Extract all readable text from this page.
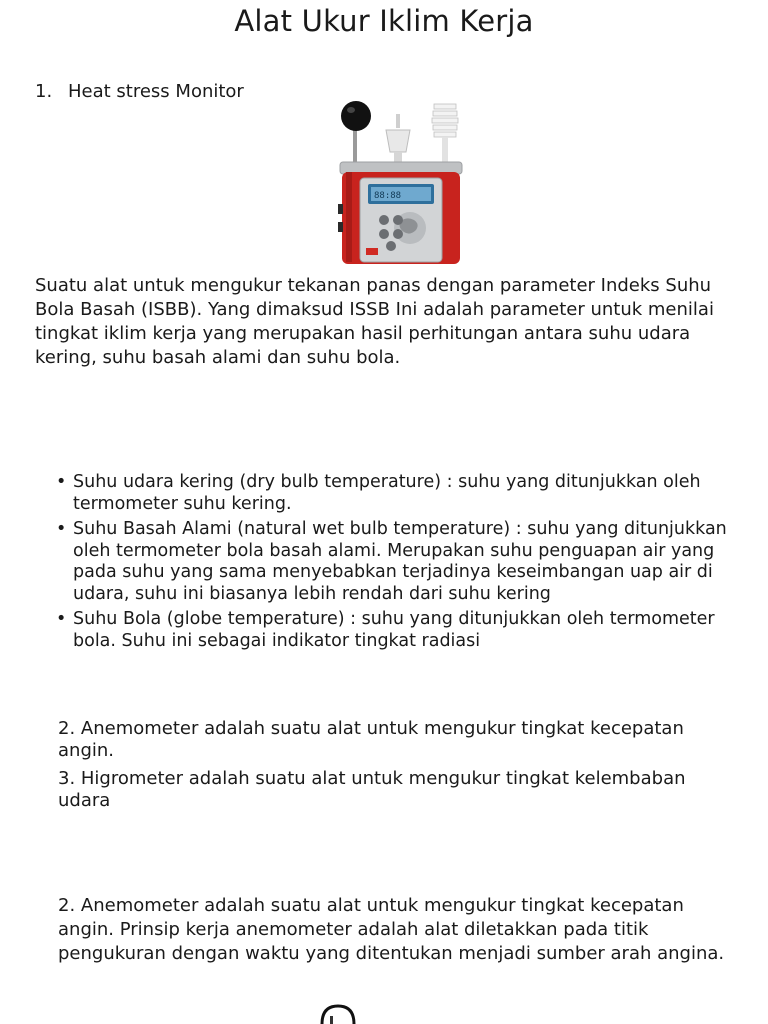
Alat Ukur Iklim Kerja
1. Heat stress Monitor
88:88

Suatu alat untuk mengukur tekanan panas dengan parameter Indeks Suhu Bola Basah (ISBB). Yang dimaksud ISSB Ini adalah parameter untuk menilai tingkat iklim kerja yang merupakan hasil perhitungan antara suhu udara kering, suhu basah alami dan suhu bola.

• Suhu udara kering (dry bulb temperature) : suhu yang ditunjukkan oleh termometer suhu kering.
• Suhu Basah Alami (natural wet bulb temperature) : suhu yang ditunjukkan oleh termometer bola basah alami. Merupakan suhu penguapan air yang pada suhu yang sama menyebabkan terjadinya keseimbangan uap air di udara, suhu ini biasanya lebih rendah dari suhu kering
• Suhu Bola (globe temperature) : suhu yang ditunjukkan oleh termometer bola. Suhu ini sebagai indikator tingkat radiasi

2. Anemometer adalah suatu alat untuk mengukur tingkat kecepatan angin.

3. Higrometer adalah suatu alat untuk mengukur tingkat kelembaban udara

2. Anemometer adalah suatu alat untuk mengukur tingkat kecepatan angin. Prinsip kerja anemometer adalah alat diletakkan pada titik pengukuran dengan waktu yang ditentukan menjadi sumber arah angina.
